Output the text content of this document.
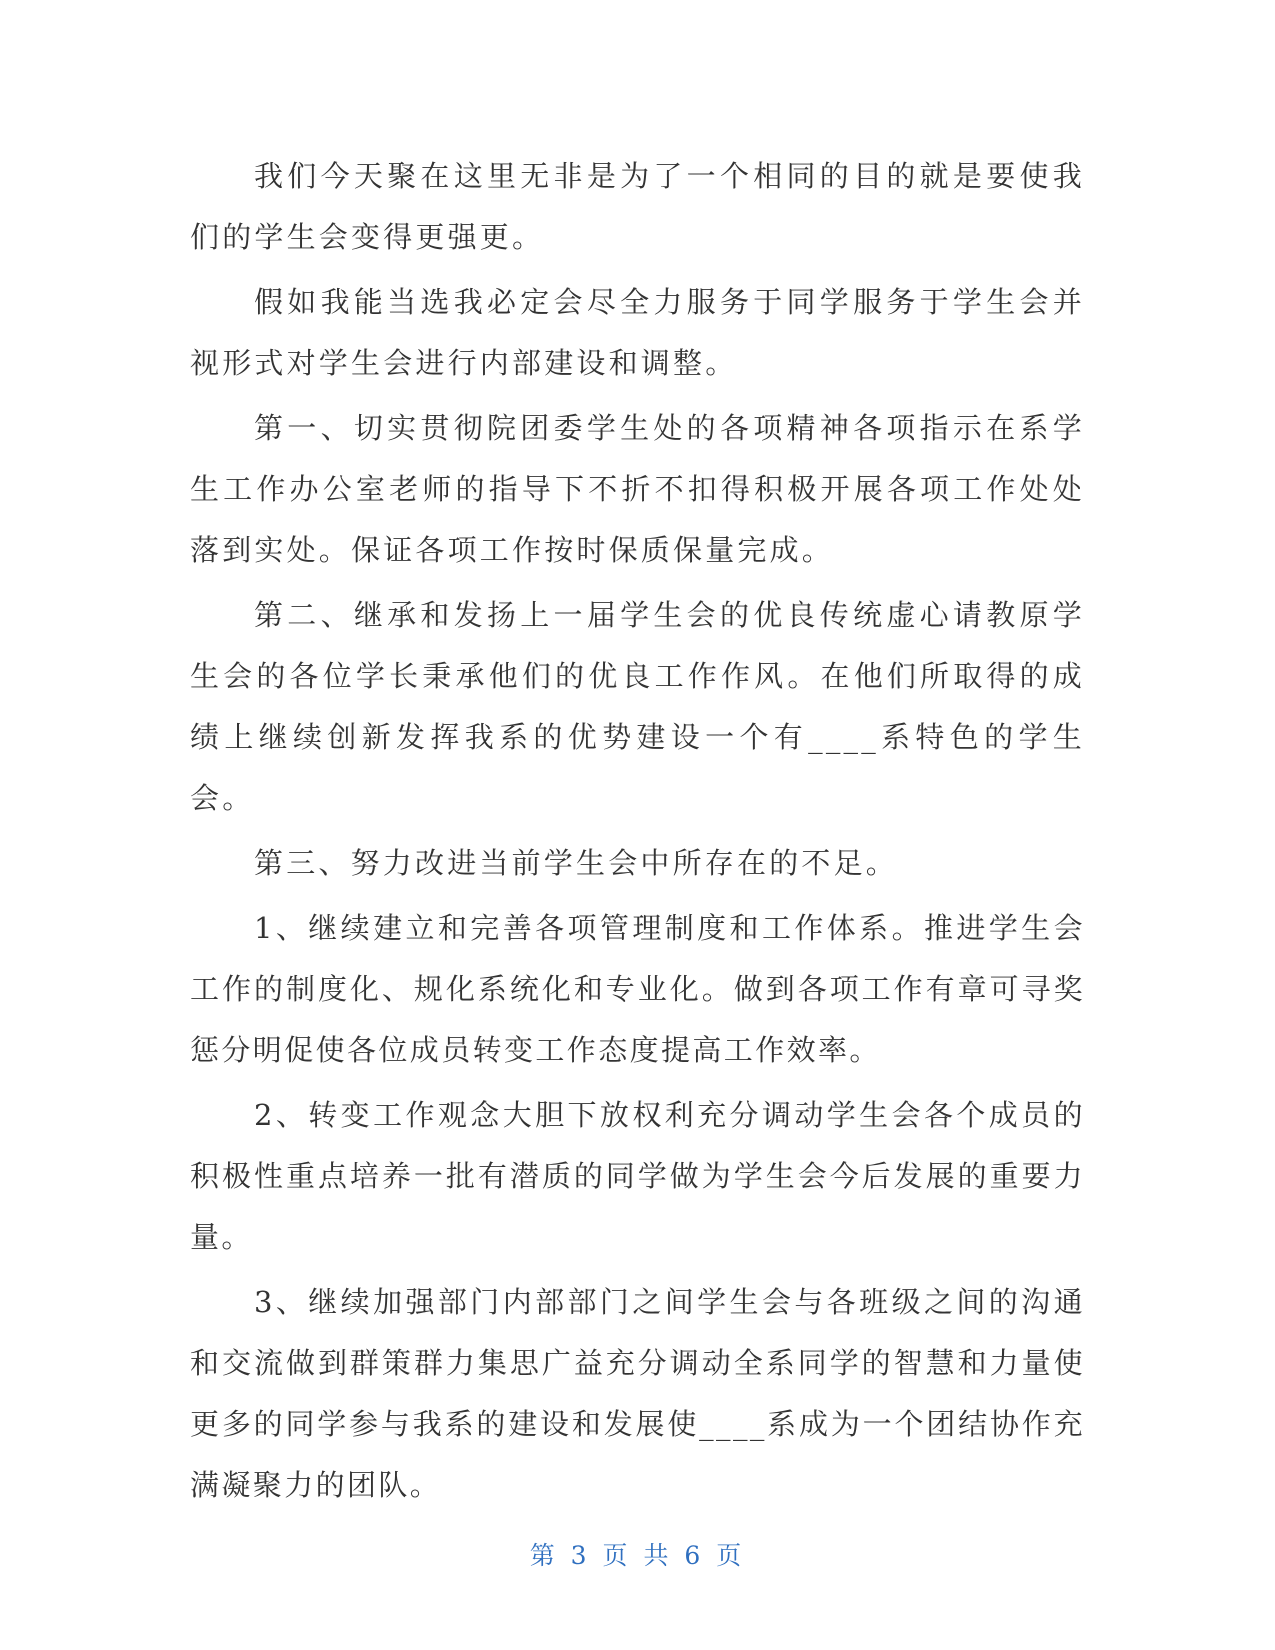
我们今天聚在这里无非是为了一个相同的目的就是要使我们的学生会变得更强更。

假如我能当选我必定会尽全力服务于同学服务于学生会并视形式对学生会进行内部建设和调整。

第一、切实贯彻院团委学生处的各项精神各项指示在系学生工作办公室老师的指导下不折不扣得积极开展各项工作处处落到实处。保证各项工作按时保质保量完成。

第二、继承和发扬上一届学生会的优良传统虚心请教原学生会的各位学长秉承他们的优良工作作风。在他们所取得的成绩上继续创新发挥我系的优势建设一个有____系特色的学生会。

第三、努力改进当前学生会中所存在的不足。

1、继续建立和完善各项管理制度和工作体系。推进学生会工作的制度化、规化系统化和专业化。做到各项工作有章可寻奖惩分明促使各位成员转变工作态度提高工作效率。

2、转变工作观念大胆下放权利充分调动学生会各个成员的积极性重点培养一批有潜质的同学做为学生会今后发展的重要力量。

3、继续加强部门内部部门之间学生会与各班级之间的沟通和交流做到群策群力集思广益充分调动全系同学的智慧和力量使更多的同学参与我系的建设和发展使____系成为一个团结协作充满凝聚力的团队。

第 3 页 共 6 页
